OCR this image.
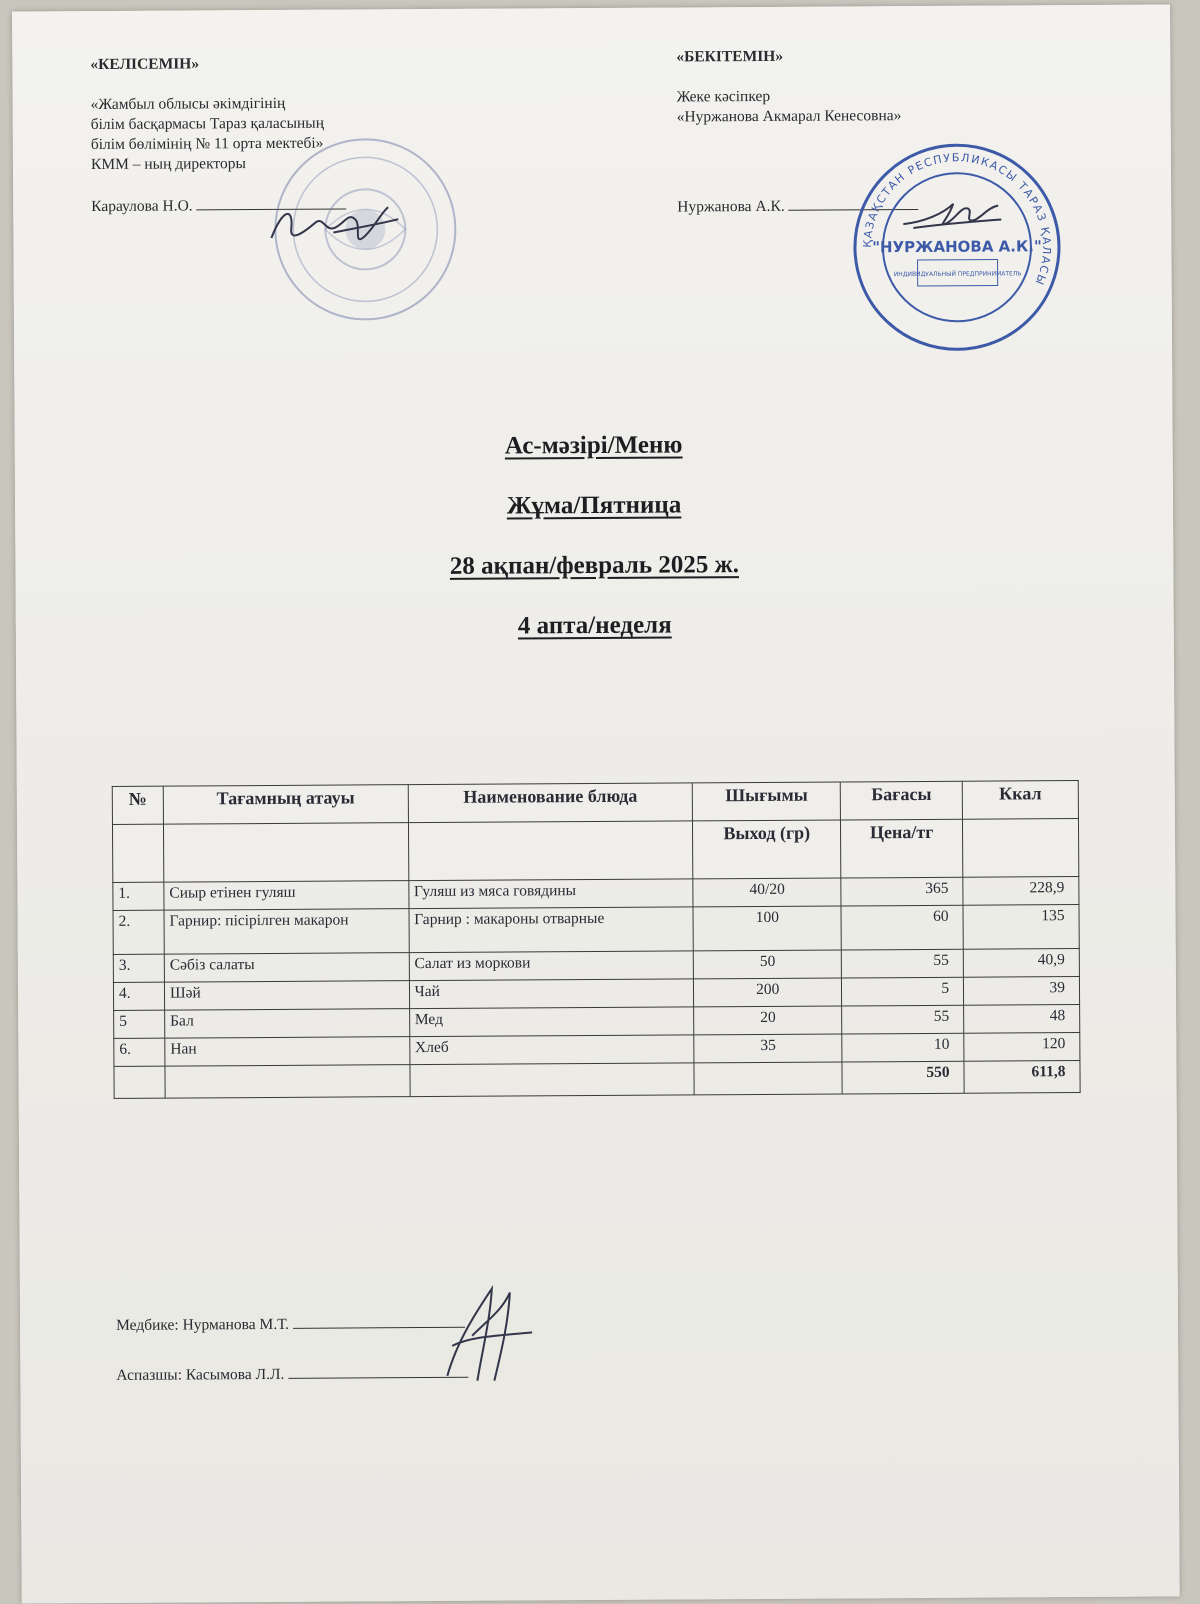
«КЕЛІСЕМІН»
«Жамбыл облысы әкімдігінің
білім басқармасы Тараз қаласының
білім бөлімінің № 11 орта мектебі»
КММ – ның директоры
Караулова Н.О.
«БЕКІТЕМІН»
Жеке кәсіпкер
«Нуржанова Акмарал Кенесовна»
Нуржанова А.К.
ҚАЗАҚСТАН РЕСПУБЛИКАСЫ ТАРАЗ ҚАЛАСЫ
"НУРЖАНОВА А.К."
ИНДИВИДУАЛЬНЫЙ ПРЕДПРИНИМАТЕЛЬ
Ас-мәзірі/Меню
Жұма/Пятница
28 ақпан/февраль 2025 ж.
4 апта/неделя
№	Тағамның атауы	Наименование блюда	Шығымы	Бағасы	Ккал
			Выход (гр)	Цена/тг	
1.	Сиыр етінен гуляш	Гуляш из мяса говядины	40/20	365	228,9
2.	Гарнир: пісірілген макарон	Гарнир : макароны отварные	100	60	135
3.	Сәбіз салаты	Салат из моркови	50	55	40,9
4.	Шәй	Чай	200	5	39
5	Бал	Мед	20	55	48
6.	Нан	Хлеб	35	10	120
				550	611,8
Медбике: Нурманова М.Т.
Аспазшы: Касымова Л.Л.
